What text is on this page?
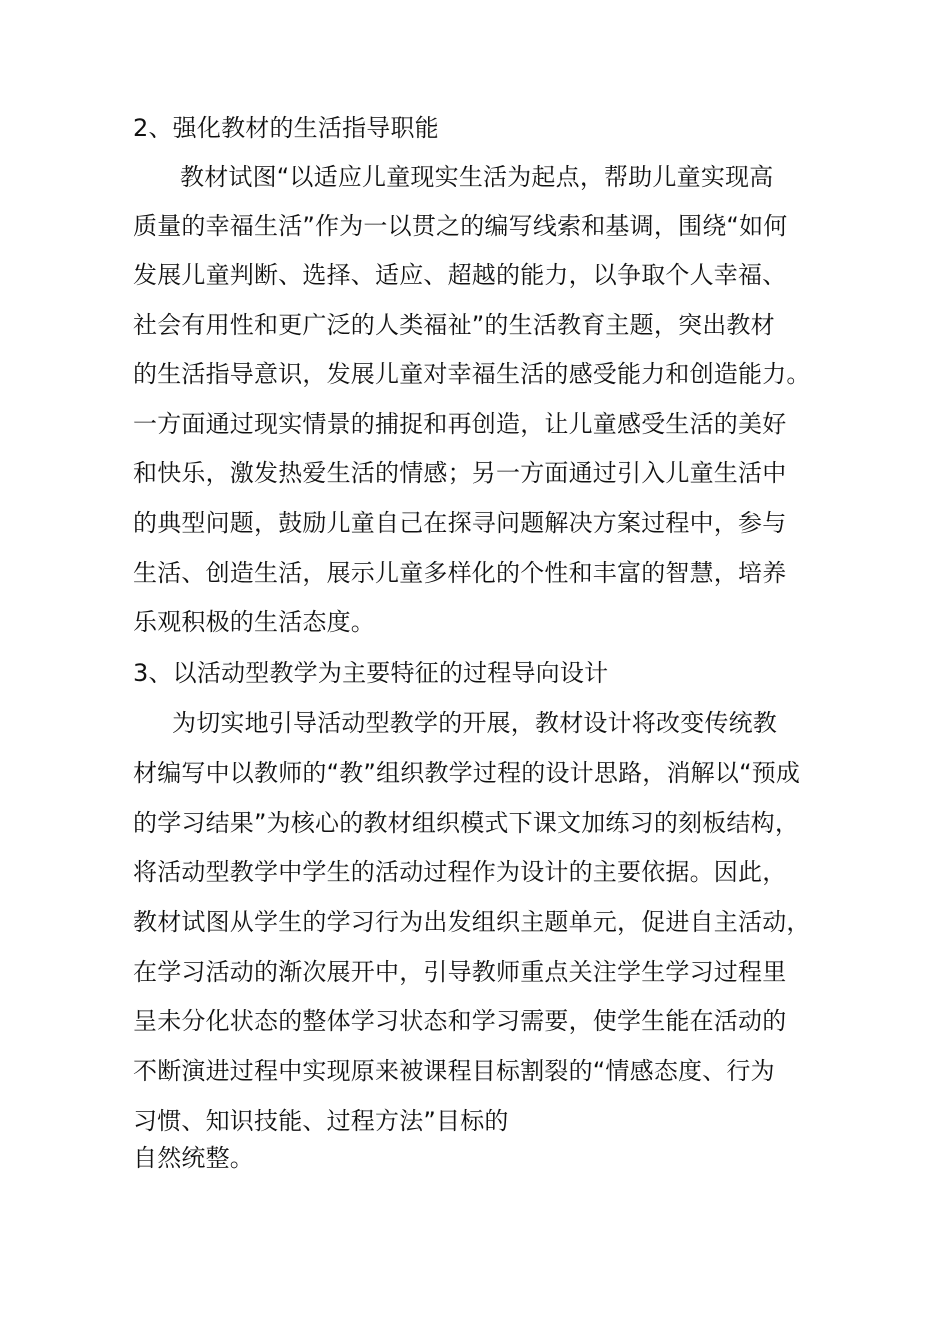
2、强化教材的生活指导职能
教材试图“以适应儿童现实生活为起点，帮助儿童实现高
质量的幸福生活”作为一以贯之的编写线索和基调，围绕“如何
发展儿童判断、选择、适应、超越的能力，以争取个人幸福、
社会有用性和更广泛的人类福祉”的生活教育主题，突出教材
的生活指导意识，发展儿童对幸福生活的感受能力和创造能力。
一方面通过现实情景的捕捉和再创造，让儿童感受生活的美好
和快乐，激发热爱生活的情感；另一方面通过引入儿童生活中
的典型问题，鼓励儿童自己在探寻问题解决方案过程中，参与
生活、创造生活，展示儿童多样化的个性和丰富的智慧，培养
乐观积极的生活态度。
3、以活动型教学为主要特征的过程导向设计
为切实地引导活动型教学的开展，教材设计将改变传统教
材编写中以教师的“教”组织教学过程的设计思路，消解以“预成
的学习结果”为核心的教材组织模式下课文加练习的刻板结构，
将活动型教学中学生的活动过程作为设计的主要依据。因此，
教材试图从学生的学习行为出发组织主题单元，促进自主活动，
在学习活动的渐次展开中，引导教师重点关注学生学习过程里
呈未分化状态的整体学习状态和学习需要，使学生能在活动的
不断演进过程中实现原来被课程目标割裂的“情感态度、行为
习惯、知识技能、过程方法”目标的
自然统整。
